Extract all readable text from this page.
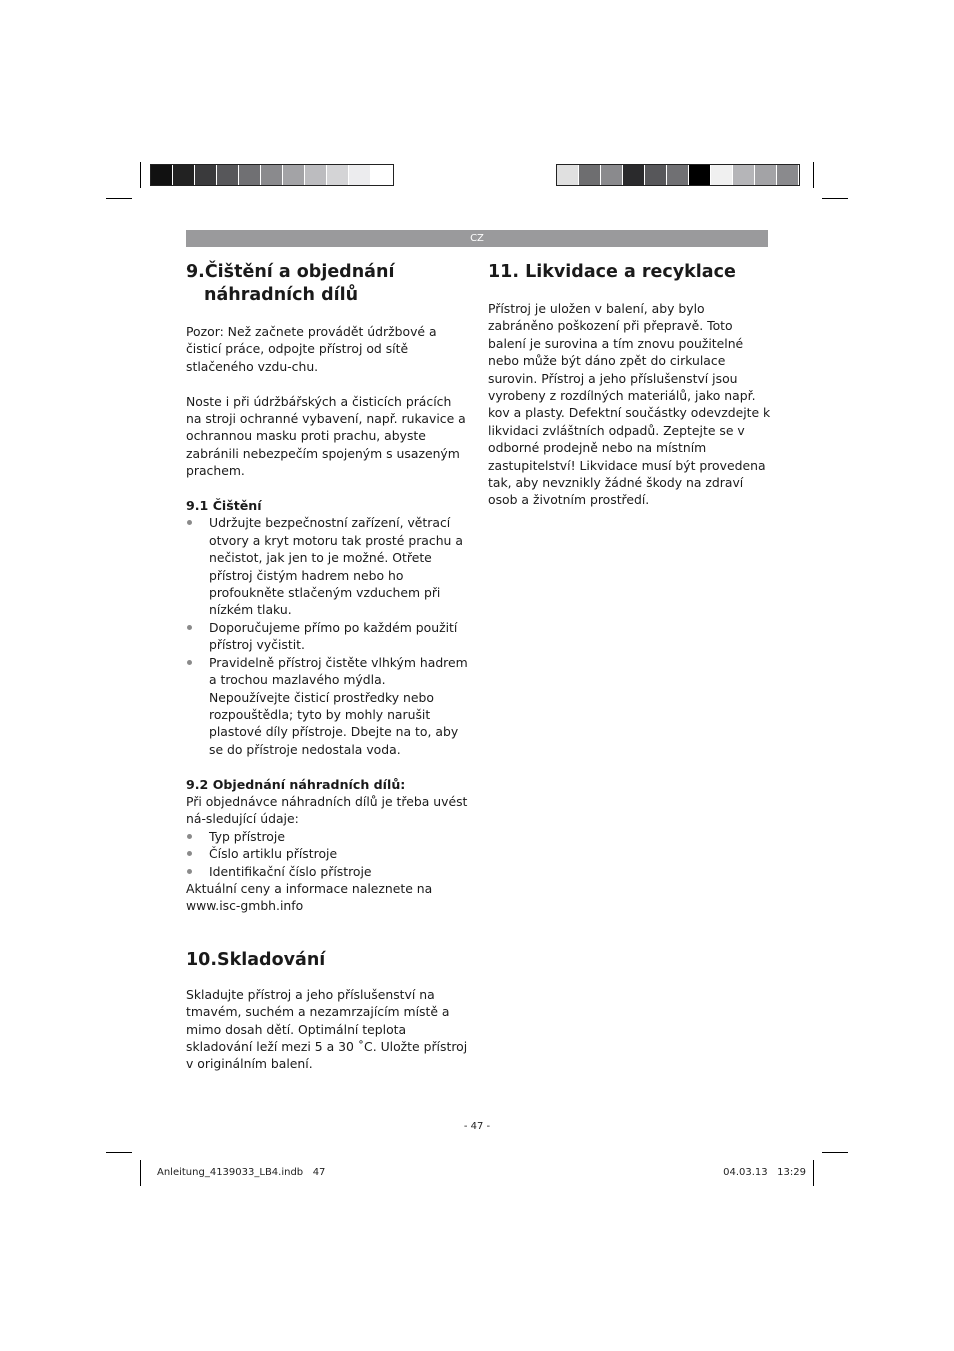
CZ
9.Čištění a objednání
náhradních dílů

Pozor: Než začnete provádět údržbové a čisticí práce, odpojte přístroj od sítě stlačeného vzdu-chu.

Noste i při údržbářských a čisticích prácích na stroji ochranné vybavení, např. rukavice a ochrannou masku proti prachu, abyste zabránili nebezpečím spojeným s usazeným prachem.

9.1 Čištění
Udržujte bezpečnostní zařízení, větrací otvory a kryt motoru tak prosté prachu a nečistot, jak jen to je možné. Otřete přístroj čistým hadrem nebo ho profoukněte stlačeným vzduchem při nízkém tlaku.
Doporučujeme přímo po každém použití přístroj vyčistit.
Pravidelně přístroj čistěte vlhkým hadrem a trochou mazlavého mýdla. Nepoužívejte čisticí prostředky nebo rozpouštědla; tyto by mohly narušit plastové díly přístroje. Dbejte na to, aby se do přístroje nedostala voda.
9.2 Objednání náhradních dílů:

Při objednávce náhradních dílů je třeba uvést ná-sledující údaje:

Typ přístroje
Číslo artiklu přístroje
Identifikační číslo přístroje

Aktuální ceny a informace naleznete na

www.isc-gmbh.info

10.Skladování

Skladujte přístroj a jeho příslušenství na tmavém, suchém a nezamrzajícím místě a mimo dosah dětí. Optimální teplota skladování leží mezi 5 a 30 ˚C. Uložte přístroj v originálním balení.

11. Likvidace a recyklace

Přístroj je uložen v balení, aby bylo zabráněno poškození při přepravě. Toto balení je surovina a tím znovu použitelné nebo může být dáno zpět do cirkulace surovin. Přístroj a jeho příslušenství jsou vyrobeny z rozdílných materiálů, jako např. kov a plasty. Defektní součástky odevzdejte k likvidaci zvláštních odpadů. Zeptejte se v odborné prodejně nebo na místním zastupitelství! Likvidace musí být provedena tak, aby nevznikly žádné škody na zdraví osob a životním prostředí.

- 47 -
Anleitung_4139033_LB4.indb   47	04.03.13   13:29
